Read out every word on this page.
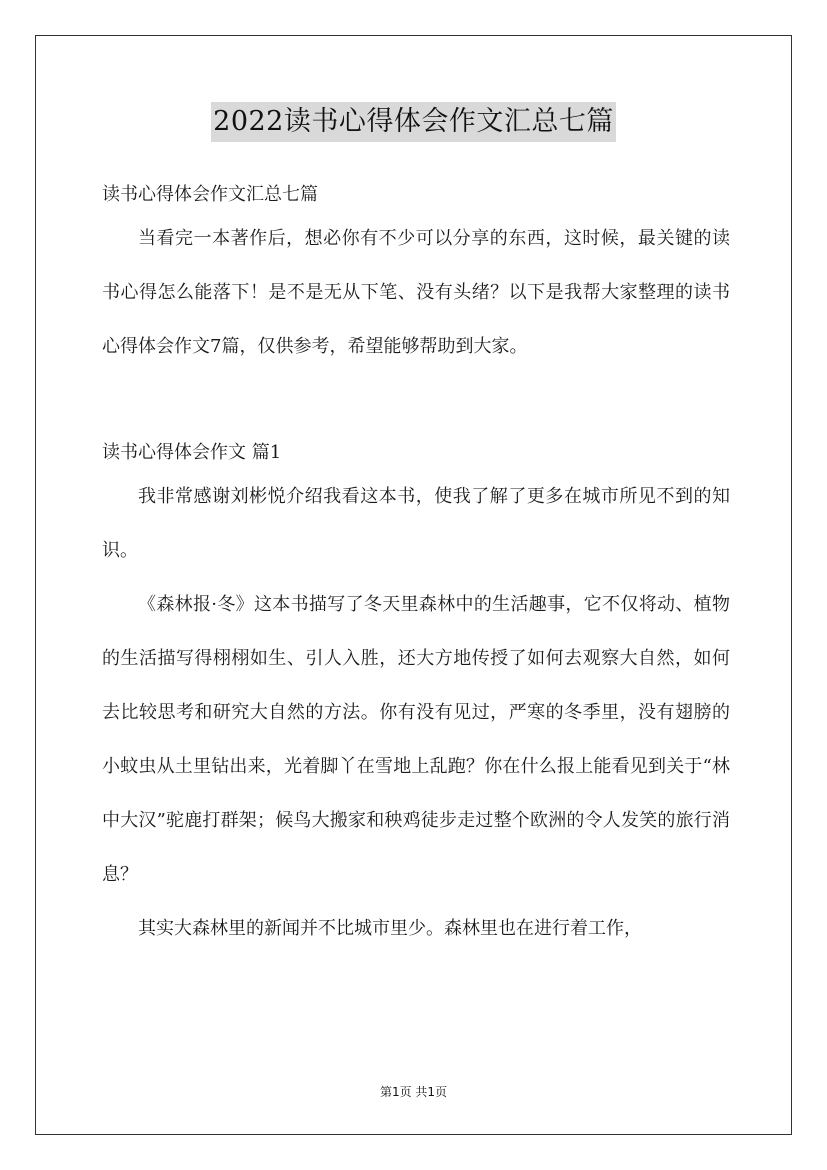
2022读书心得体会作文汇总七篇

读书心得体会作文汇总七篇

当看完一本著作后，想必你有不少可以分享的东西，这时候，最关键的读书心得怎么能落下！是不是无从下笔、没有头绪？以下是我帮大家整理的读书心得体会作文7篇，仅供参考，希望能够帮助到大家。

读书心得体会作文 篇1

我非常感谢刘彬悦介绍我看这本书，使我了解了更多在城市所见不到的知识。

《森林报·冬》这本书描写了冬天里森林中的生活趣事，它不仅将动、植物的生活描写得栩栩如生、引人入胜，还大方地传授了如何去观察大自然，如何去比较思考和研究大自然的方法。你有没有见过，严寒的冬季里，没有翅膀的小蚊虫从土里钻出来，光着脚丫在雪地上乱跑？你在什么报上能看见到关于“林中大汉”驼鹿打群架；候鸟大搬家和秧鸡徒步走过整个欧洲的令人发笑的旅行消息？

其实大森林里的新闻并不比城市里少。森林里也在进行着工作，

第1页 共1页
